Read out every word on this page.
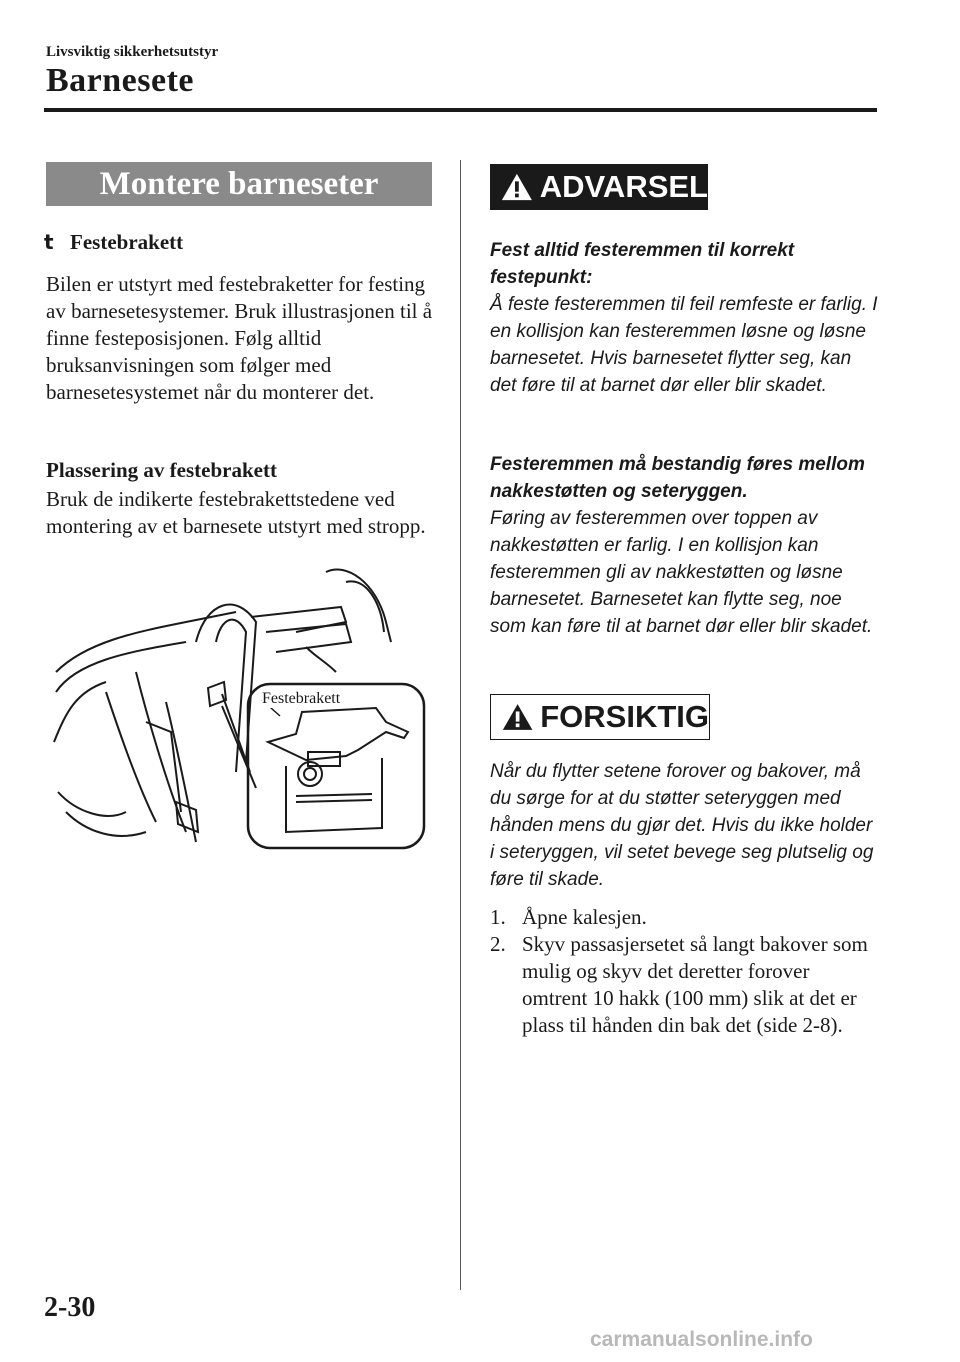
Livsviktig sikkerhetsutstyr
Barnesete
Montere barneseter
t Festebrakett
Bilen er utstyrt med festebraketter for festing av barnesetesystemer. Bruk illustrasjonen til å finne festeposisjonen. Følg alltid bruksanvisningen som følger med barnesetesystemet når du monterer det.
Plassering av festebrakett
Bruk de indikerte festebrakettstedene ved montering av et barnesete utstyrt med stropp.
Festebrakett
ADVARSEL
Fest alltid festeremmen til korrekt festepunkt:
Å feste festeremmen til feil remfeste er farlig. I en kollisjon kan festeremmen løsne og løsne barnesetet. Hvis barnesetet flytter seg, kan det føre til at barnet dør eller blir skadet.
Festeremmen må bestandig føres mellom nakkestøtten og seteryggen.
Føring av festeremmen over toppen av nakkestøtten er farlig. I en kollisjon kan festeremmen gli av nakkestøtten og løsne barnesetet. Barnesetet kan flytte seg, noe som kan føre til at barnet dør eller blir skadet.
FORSIKTIG
Når du flytter setene forover og bakover, må du sørge for at du støtter seteryggen med hånden mens du gjør det. Hvis du ikke holder i seteryggen, vil setet bevege seg plutselig og føre til skade.
1. Åpne kalesjen.
2. Skyv passasjersetet så langt bakover som mulig og skyv det deretter forover omtrent 10 hakk (100 mm) slik at det er plass til hånden din bak det (side 2-8).
2-30
carmanualsonline.info
